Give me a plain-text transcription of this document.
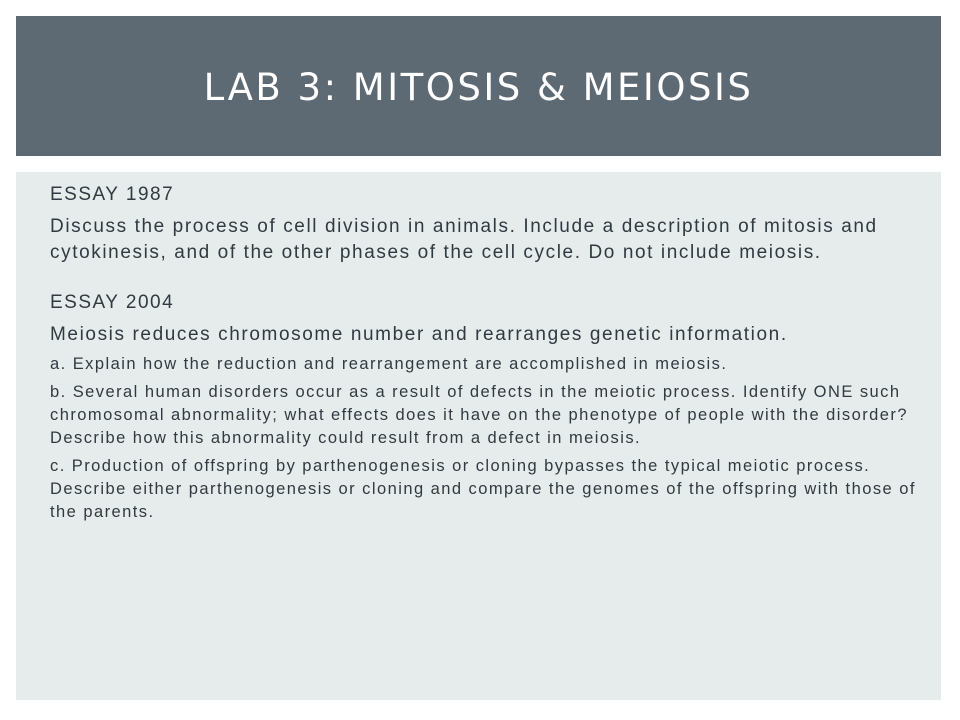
LAB 3: MITOSIS & MEIOSIS

ESSAY 1987

Discuss the process of cell division in animals. Include a description of mitosis and cytokinesis, and of the other phases of the cell cycle. Do not include meiosis.

ESSAY 2004

Meiosis reduces chromosome number and rearranges genetic information.

a. Explain how the reduction and rearrangement are accomplished in meiosis.

b. Several human disorders occur as a result of defects in the meiotic process. Identify ONE such chromosomal abnormality; what effects does it have on the phenotype of people with the disorder? Describe how this abnormality could result from a defect in meiosis.

c. Production of offspring by parthenogenesis or cloning bypasses the typical meiotic process. Describe either parthenogenesis or cloning and compare the genomes of the offspring with those of the parents.
